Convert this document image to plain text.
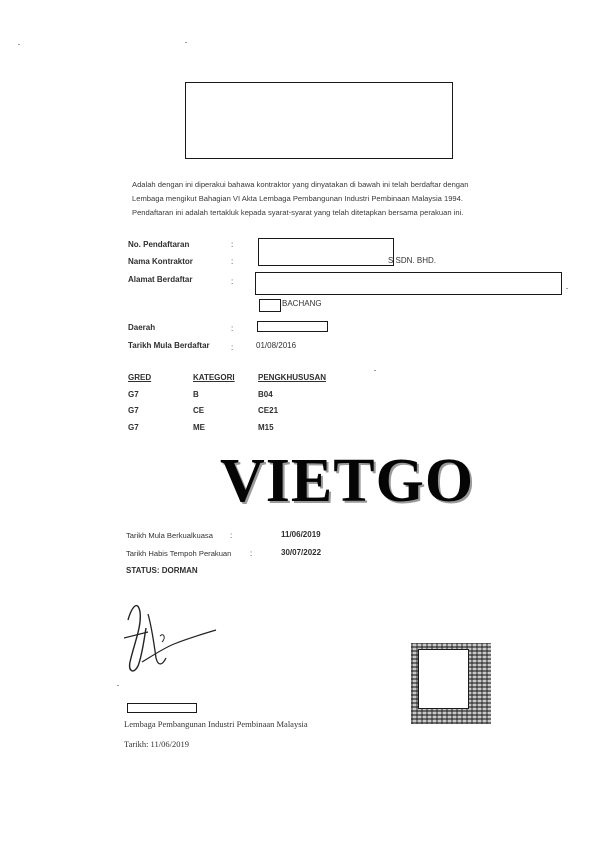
Adalah dengan ini diperakui bahawa kontraktor yang dinyatakan di bawah ini telah berdaftar dengan

Lembaga mengikut Bahagian VI Akta Lembaga Pembangunan Industri Pembinaan Malaysia 1994.

Pendaftaran ini adalah tertakluk kepada syarat-syarat yang telah ditetapkan bersama perakuan ini.

No. Pendaftaran	:
Nama Kontraktor	:	S SDN. BHD.
Alamat Berdaftar	:
BACHANG
Daerah	:
Tarikh Mula Berdaftar	:	01/08/2016
GRED	KATEGORI	PENGKHUSUSAN
G7	B	B04
G7	CE	CE21
G7	ME	M15
VIETGO
Tarikh Mula Berkualkuasa :	11/06/2019
Tarikh Habis Tempoh Perakuan :	30/07/2022
STATUS: DORMAN
Lembaga Pembangunan Industri Pembinaan Malaysia
Tarikh: 11/06/2019
